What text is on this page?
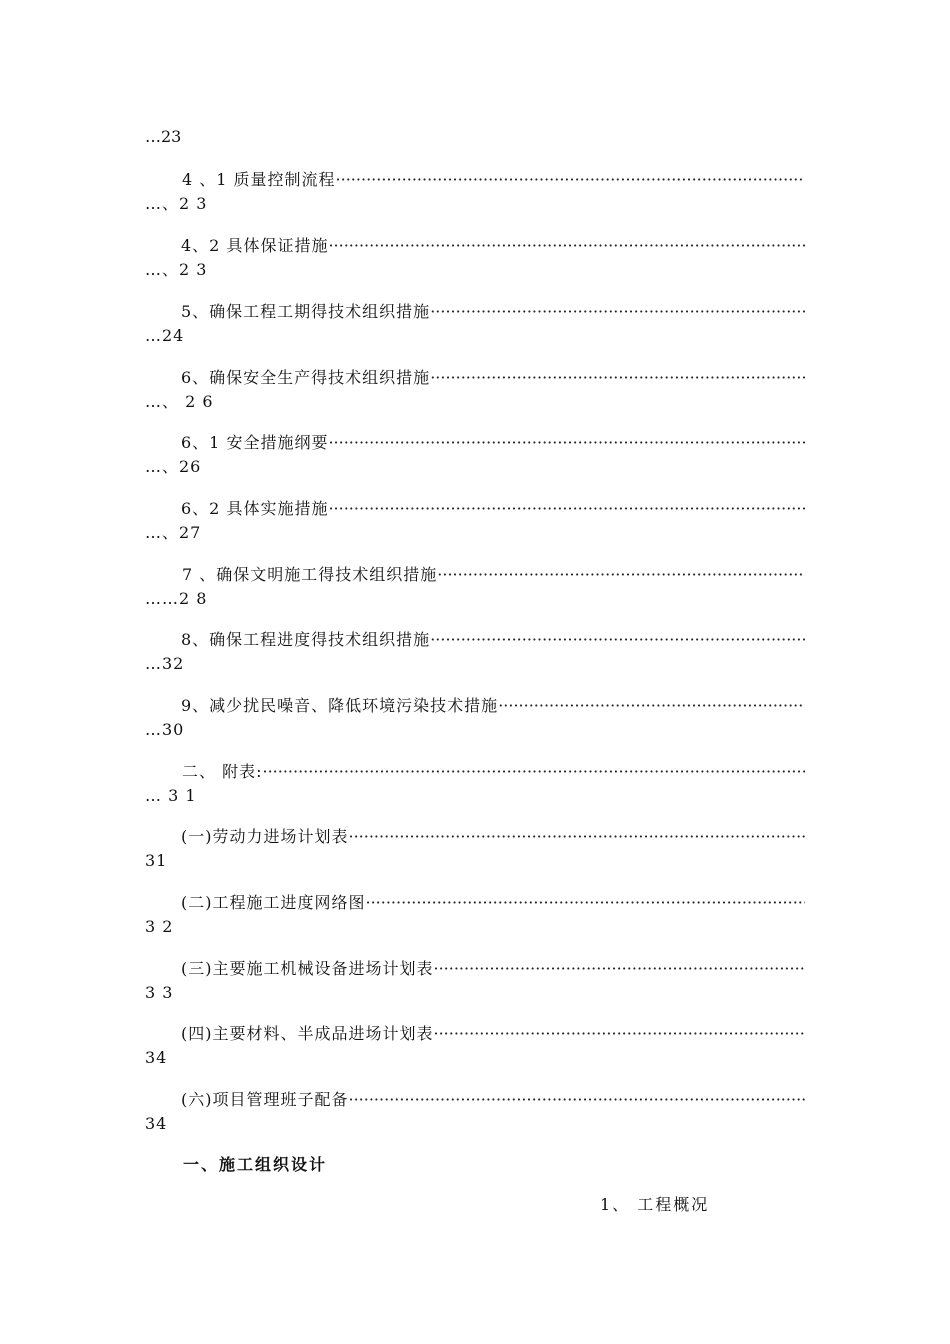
…23
4 、1 质量控制流程
·····
…、2 3
4、2 具体保证措施
·····
…、2 3
5、确保工程工期得技术组织措施
·····
…24
6、确保安全生产得技术组织措施
·····
…、 2 6
6、1 安全措施纲要
·····
…、26
6、2 具体实施措施
·····
…、27
7 、确保文明施工得技术组织措施
·····
……2 8
8、确保工程进度得技术组织措施
·····
…32
9、减少扰民噪音、降低环境污染技术措施
·····
…30
二、 附表:
·····
… 3 1
(一)劳动力进场计划表
·····
31
(二)工程施工进度网络图
·····
3 2
(三)主要施工机械设备进场计划表
·····
3 3
(四)主要材料、半成品进场计划表
·····
34
(六)项目管理班子配备
·····
34
一、施工组织设计
1、 工程概况
